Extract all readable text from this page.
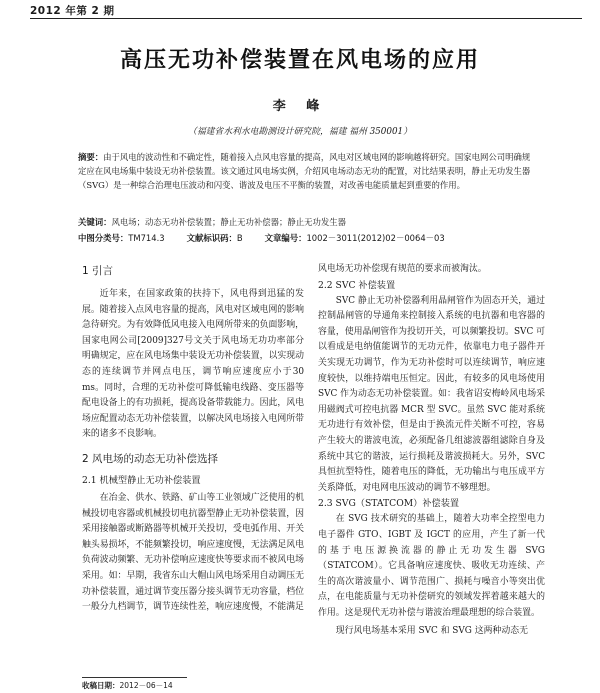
2012 年第 2 期
高压无功补偿装置在风电场的应用
李 峰
（福建省水利水电勘测设计研究院，福建 福州 350001）

摘要：由于风电的波动性和不确定性，随着接入点风电容量的提高，风电对区域电网的影响越将研究。国家电网公司明确规定应在风电场集中装设无功补偿装置。该文通过风电场实例，介绍风电场动态无功的配置，对比结果表明，静止无功发生器（SVG）是一种综合治理电压波动和闪变、谐波及电压不平衡的装置，对改善电能质量起到重要的作用。

关键词：风电场；动态无功补偿装置；静止无功补偿器；静止无功发生器
中图分类号：TM714.3	文献标识码：B	文章编号：1002－3011(2012)02－0064－03
1 引言

近年来，在国家政策的扶持下，风电得到迅猛的发展。随着接入点风电容量的提高，风电对区域电网的影响急待研究。为有效降低风电接入电网所带来的负面影响，国家电网公司[2009]327号文关于风电场无功功率部分明确规定，应在风电场集中装设无功补偿装置，以实现动态的连续调节并网点电压，调节响应速度应小于30 ms。同时，合理的无功补偿可降低输电线路、变压器等配电设备上的有功损耗，提高设备带载能力。因此，风电场应配置动态无功补偿装置，以解决风电场接入电网所带来的诸多不良影响。

2 风电场的动态无功补偿选择
2.1 机械型静止无功补偿装置

在冶金、供水、铁路、矿山等工业领域广泛使用的机械投切电容器或机械投切电抗器型静止无功补偿装置，因采用接触器或断路器等机械开关投切，受电弧作用、开关触头易损坏，不能频繁投切，响应速度慢，无法满足风电负荷波动频繁、无功补偿响应速度快等要求而不被风电场采用。如：早期，我省东山大帽山风电场采用自动调压无功补偿装置，通过调节变压器分接头调节无功容量，档位一般分九档调节，调节连续性差，响应速度慢，不能满足

风电场无功补偿现有规范的要求而被淘汰。

2.2 SVC 补偿装置

SVC 静止无功补偿器利用晶闸管作为固态开关，通过控制晶闸管的导通角来控制接入系统的电抗器和电容器的容量，使用晶闸管作为投切开关，可以频繁投切。SVC 可以看成是电纳值能调节的无功元件，依靠电力电子器件开关实现无功调节，作为无功补偿时可以连续调节，响应速度较快，以维持端电压恒定。因此，有较多的风电场使用 SVC 作为动态无功补偿装置。如：我省诏安梅岭风电场采用磁阀式可控电抗器 MCR 型 SVC。虽然 SVC 能对系统无功进行有效补偿，但是由于换流元件关断不可控，容易产生较大的谐波电流，必须配备几组滤波器组滤除自身及系统中其它的谐波，运行损耗及谐波损耗大。另外，SVC 具恒抗型特性，随着电压的降低，无功输出与电压成平方关系降低，对电网电压波动的调节不够理想。

2.3 SVG（STATCOM）补偿装置

在 SVG 技术研究的基础上，随着大功率全控型电力电子器件 GTO、IGBT 及 IGCT 的应用，产生了新一代的基于电压源换流器的静止无功发生器 SVG（STATCOM）。它具备响应速度快、吸收无功连续、产生的高次谐波量小、调节范围广、损耗与噪音小等突出优点，在电能质量与无功补偿研究的领域发挥着越来越大的作用。这是现代无功补偿与谐波治理最理想的综合装置。

现行风电场基本采用 SVC 和 SVG 这两种动态无

收稿日期：2012－06－14
